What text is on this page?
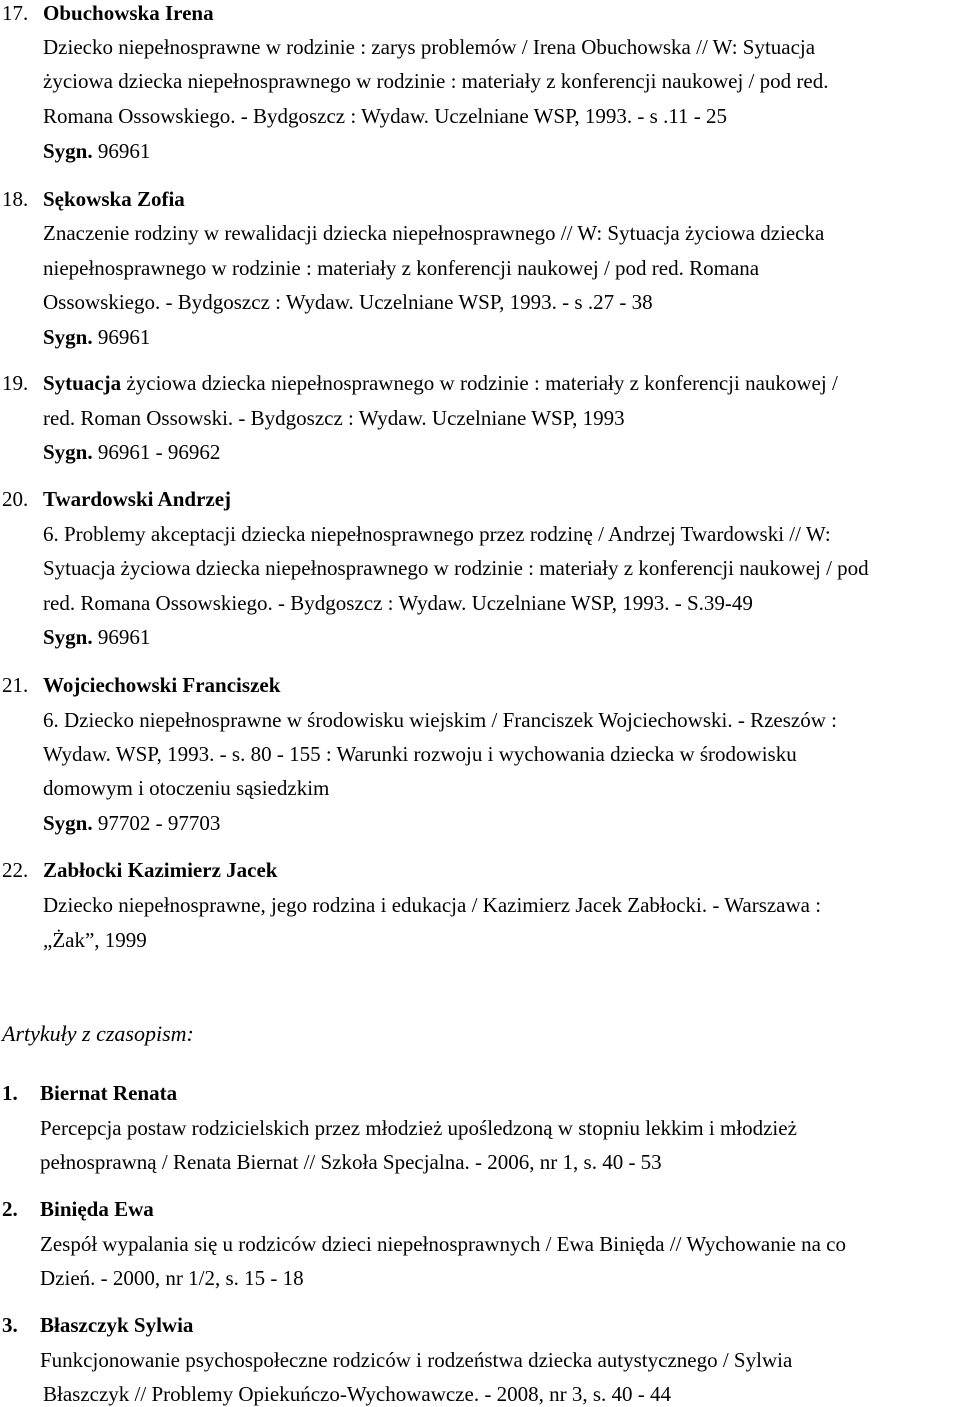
17. Obuchowska Irena
Dziecko niepełnosprawne w rodzinie : zarys problemów / Irena Obuchowska // W: Sytuacja
życiowa dziecka niepełnosprawnego w rodzinie : materiały z konferencji naukowej / pod red.
Romana Ossowskiego. - Bydgoszcz : Wydaw. Uczelniane WSP, 1993. - s .11 - 25
Sygn. 96961
18. Sękowska Zofia
Znaczenie rodziny w rewalidacji dziecka niepełnosprawnego // W: Sytuacja życiowa dziecka
niepełnosprawnego w rodzinie : materiały z konferencji naukowej / pod red. Romana
Ossowskiego. - Bydgoszcz : Wydaw. Uczelniane WSP, 1993. - s .27 - 38
Sygn. 96961
19. Sytuacja życiowa dziecka niepełnosprawnego w rodzinie : materiały z konferencji naukowej /
red. Roman Ossowski. - Bydgoszcz : Wydaw. Uczelniane WSP, 1993
Sygn. 96961 - 96962
20. Twardowski Andrzej
6. Problemy akceptacji dziecka niepełnosprawnego przez rodzinę / Andrzej Twardowski // W:
Sytuacja życiowa dziecka niepełnosprawnego w rodzinie : materiały z konferencji naukowej / pod
red. Romana Ossowskiego. - Bydgoszcz : Wydaw. Uczelniane WSP, 1993. - S.39-49
Sygn. 96961
21. Wojciechowski Franciszek
6. Dziecko niepełnosprawne w środowisku wiejskim / Franciszek Wojciechowski. - Rzeszów :
Wydaw. WSP, 1993. - s. 80 - 155 : Warunki rozwoju i wychowania dziecka w środowisku
domowym i otoczeniu sąsiedzkim
Sygn. 97702 - 97703
22. Zabłocki Kazimierz Jacek
Dziecko niepełnosprawne, jego rodzina i edukacja / Kazimierz Jacek Zabłocki. - Warszawa :
„Żak”, 1999
Artykuły z czasopism:
1. Biernat Renata
Percepcja postaw rodzicielskich przez młodzież upośledzoną w stopniu lekkim i młodzież
pełnosprawną / Renata Biernat // Szkoła Specjalna. - 2006, nr 1, s. 40 - 53
2. Binięda Ewa
Zespół wypalania się u rodziców dzieci niepełnosprawnych / Ewa Binięda // Wychowanie na co
Dzień. - 2000, nr 1/2, s. 15 - 18
3. Błaszczyk Sylwia
Funkcjonowanie psychospołeczne rodziców i rodzeństwa dziecka autystycznego / Sylwia
Błaszczyk // Problemy Opiekuńczo-Wychowawcze. - 2008, nr 3, s. 40 - 44
